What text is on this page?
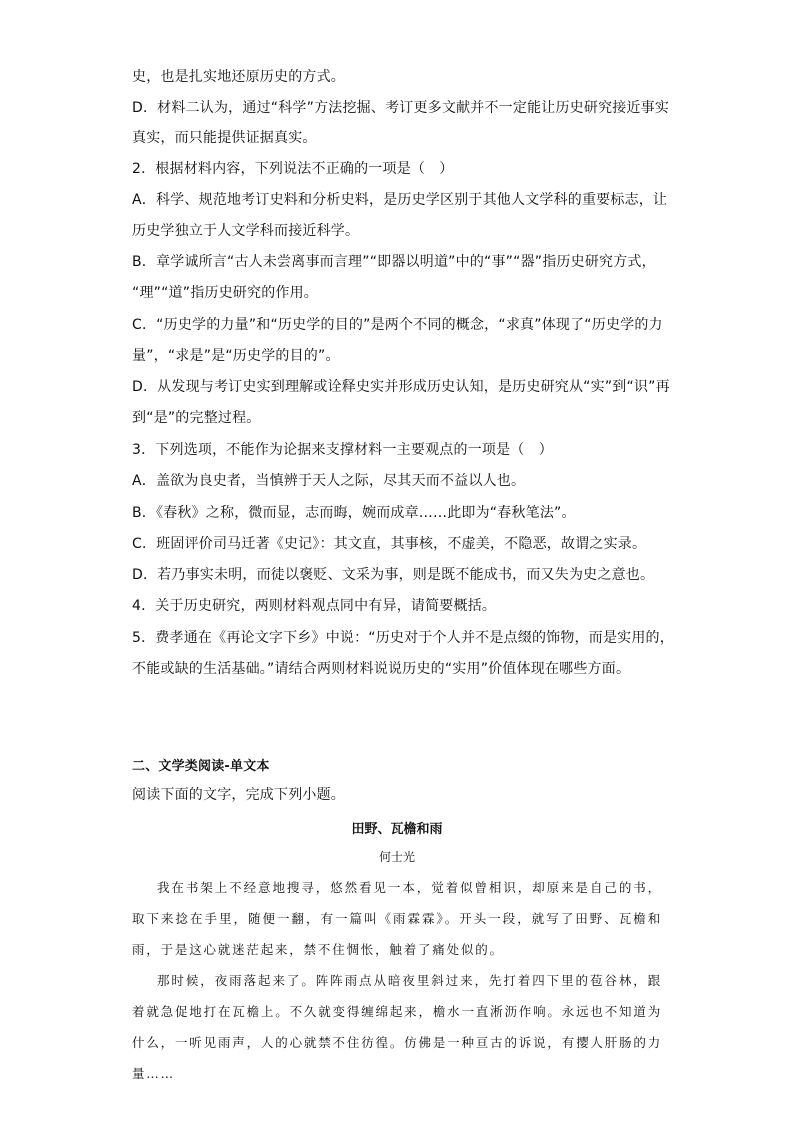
史，也是扎实地还原历史的方式。
D．材料二认为，通过“科学”方法挖掘、考订更多文献并不一定能让历史研究接近事实
真实，而只能提供证据真实。
2．根据材料内容，下列说法不正确的一项是（　）
A．科学、规范地考订史料和分析史料，是历史学区别于其他人文学科的重要标志，让
历史学独立于人文学科而接近科学。
B．章学诚所言“古人未尝离事而言理”“即器以明道”中的“事”“器”指历史研究方式，
“理”“道”指历史研究的作用。
C．“历史学的力量”和“历史学的目的”是两个不同的概念，“求真”体现了“历史学的力
量”，“求是”是“历史学的目的”。
D．从发现与考订史实到理解或诠释史实并形成历史认知，是历史研究从“实”到“识”再
到“是”的完整过程。
3．下列选项，不能作为论据来支撑材料一主要观点的一项是（　）
A．盖欲为良史者，当慎辨于天人之际，尽其天而不益以人也。
B．《春秋》之称，微而显，志而晦，婉而成章……此即为“春秋笔法”。
C．班固评价司马迁著《史记》：其文直，其事核，不虚美，不隐恶，故谓之实录。
D．若乃事实未明，而徒以褒贬、文采为事，则是既不能成书，而又失为史之意也。
4．关于历史研究，两则材料观点同中有异，请简要概括。
5．费孝通在《再论文字下乡》中说：“历史对于个人并不是点缀的饰物，而是实用的，
不能或缺的生活基础。”请结合两则材料说说历史的“实用”价值体现在哪些方面。
二、文学类阅读-单文本
阅读下面的文字，完成下列小题。
田野、瓦檐和雨
何士光
我在书架上不经意地搜寻，悠然看见一本，觉着似曾相识，却原来是自己的书，取下来捻在手里，随便一翻，有一篇叫《雨霖霖》。开头一段，就写了田野、瓦檐和雨，于是这心就迷茫起来，禁不住惆怅，触着了痛处似的。
那时候，夜雨落起来了。阵阵雨点从暗夜里斜过来，先打着四下里的苞谷林，跟着就急促地打在瓦檐上。不久就变得缠绵起来，檐水一直淅沥作响。永远也不知道为什么，一听见雨声，人的心就禁不住彷徨。仿佛是一种亘古的诉说，有撄人肝肠的力量……
